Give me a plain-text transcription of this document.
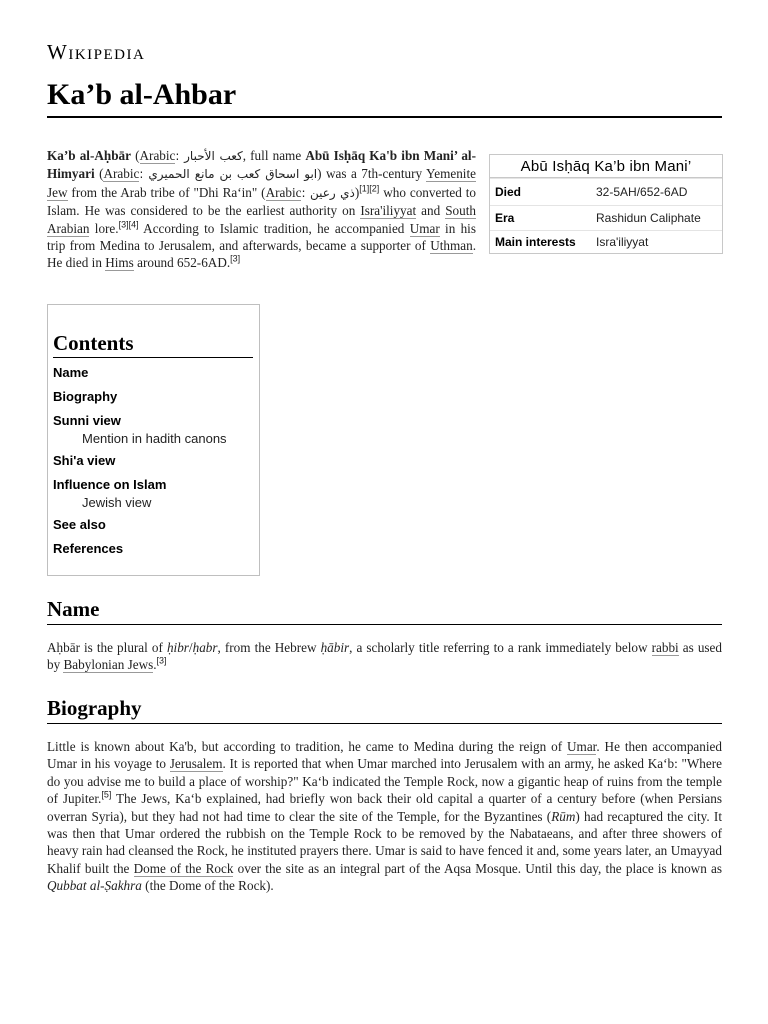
Wikipedia
Ka’b al-Ahbar

Ka’b al-Aḥbār (Arabic: كعب الأحبار, full name Abū Isḥāq Ka'b ibn Mani’ al-Himyari (Arabic: ابو اسحاق كعب بن مانع الحميري) was a 7th-century Yemenite Jew from the Arab tribe of "Dhi Ra‘in" (Arabic: ذي رعين)[1][2] who converted to Islam. He was considered to be the earliest authority on Isra'iliyyat and South Arabian lore.[3][4] According to Islamic tradition, he accompanied Umar in his trip from Medina to Jerusalem, and afterwards, became a supporter of Uthman. He died in Hims around 652-6AD.[3]

Abū Isḥāq Ka’b ibn Mani’
Died	32-5AH/652-6AD
Era	Rashidun Caliphate
Main interests	Isra'iliyyat
Contents
Name
Biography
Sunni view
Mention in hadith canons
Shi'a view
Influence on Islam
Jewish view
See also
References
Name

Aḥbār is the plural of ḥibr/ḥabr, from the Hebrew ḥābir, a scholarly title referring to a rank immediately below rabbi as used by Babylonian Jews.[3]

Biography

Little is known about Ka'b, but according to tradition, he came to Medina during the reign of Umar. He then accompanied Umar in his voyage to Jerusalem. It is reported that when Umar marched into Jerusalem with an army, he asked Ka‘b: "Where do you advise me to build a place of worship?" Ka‘b indicated the Temple Rock, now a gigantic heap of ruins from the temple of Jupiter.[5] The Jews, Ka‘b explained, had briefly won back their old capital a quarter of a century before (when Persians overran Syria), but they had not had time to clear the site of the Temple, for the Byzantines (Rūm) had recaptured the city. It was then that Umar ordered the rubbish on the Temple Rock to be removed by the Nabataeans, and after three showers of heavy rain had cleansed the Rock, he instituted prayers there. Umar is said to have fenced it and, some years later, an Umayyad Khalif built the Dome of the Rock over the site as an integral part of the Aqsa Mosque. Until this day, the place is known as Qubbat al-Ṣakhra (the Dome of the Rock).
